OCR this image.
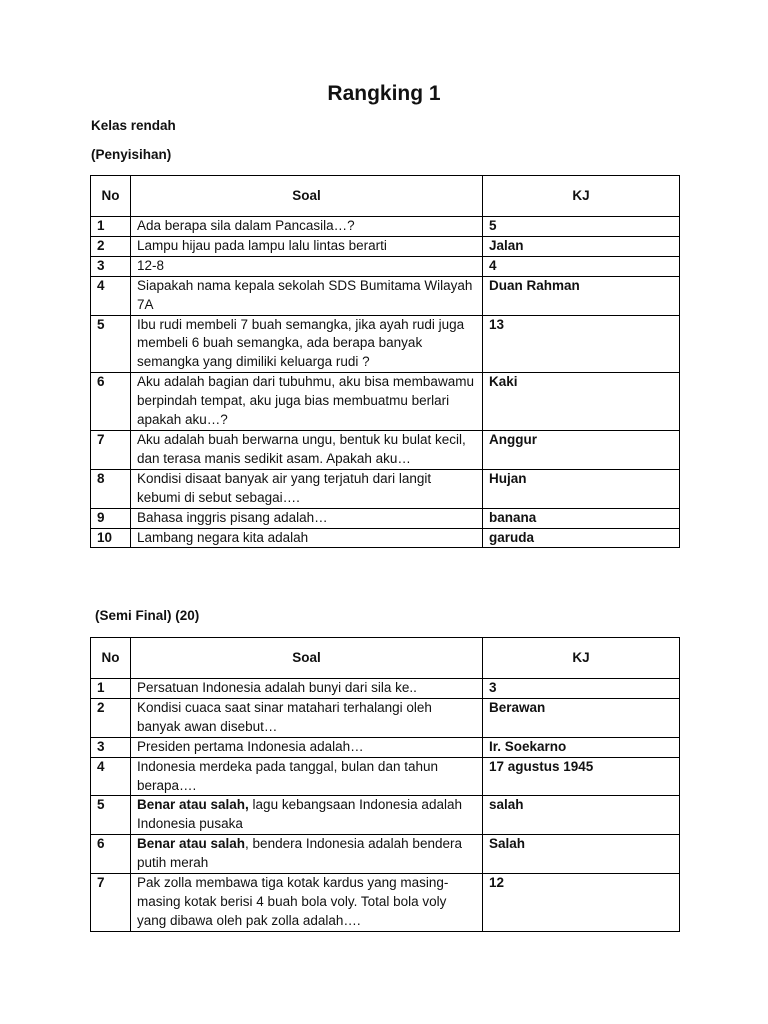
Rangking 1
Kelas rendah
(Penyisihan)
No	Soal	KJ
1	Ada berapa sila dalam Pancasila…?	5
2	Lampu hijau pada lampu lalu lintas berarti	Jalan
3	12-8	4
4	Siapakah nama kepala sekolah SDS Bumitama Wilayah 7A	Duan Rahman
5	Ibu rudi membeli 7 buah semangka, jika ayah rudi juga membeli 6 buah semangka, ada berapa banyak semangka yang dimiliki keluarga rudi ?	13
6	Aku adalah bagian dari tubuhmu, aku bisa membawamu berpindah tempat, aku juga bias membuatmu berlari apakah aku…?	Kaki
7	Aku adalah buah berwarna ungu, bentuk ku bulat kecil, dan terasa manis sedikit asam. Apakah aku…	Anggur
8	Kondisi disaat banyak air yang terjatuh dari langit kebumi di sebut sebagai….	Hujan
9	Bahasa inggris pisang adalah…	banana
10	Lambang negara kita adalah	garuda
(Semi Final) (20)
No	Soal	KJ
1	Persatuan Indonesia adalah bunyi dari sila ke..	3
2	Kondisi cuaca saat sinar matahari terhalangi oleh banyak awan disebut…	Berawan
3	Presiden pertama Indonesia adalah…	Ir. Soekarno
4	Indonesia merdeka pada tanggal, bulan dan tahun berapa….	17 agustus 1945
5	Benar atau salah, lagu kebangsaan Indonesia adalah Indonesia pusaka	salah
6	Benar atau salah, bendera Indonesia adalah bendera putih merah	Salah
7	Pak zolla membawa tiga kotak kardus yang masing-masing kotak berisi 4 buah bola voly. Total bola voly yang dibawa oleh pak zolla adalah….	12
